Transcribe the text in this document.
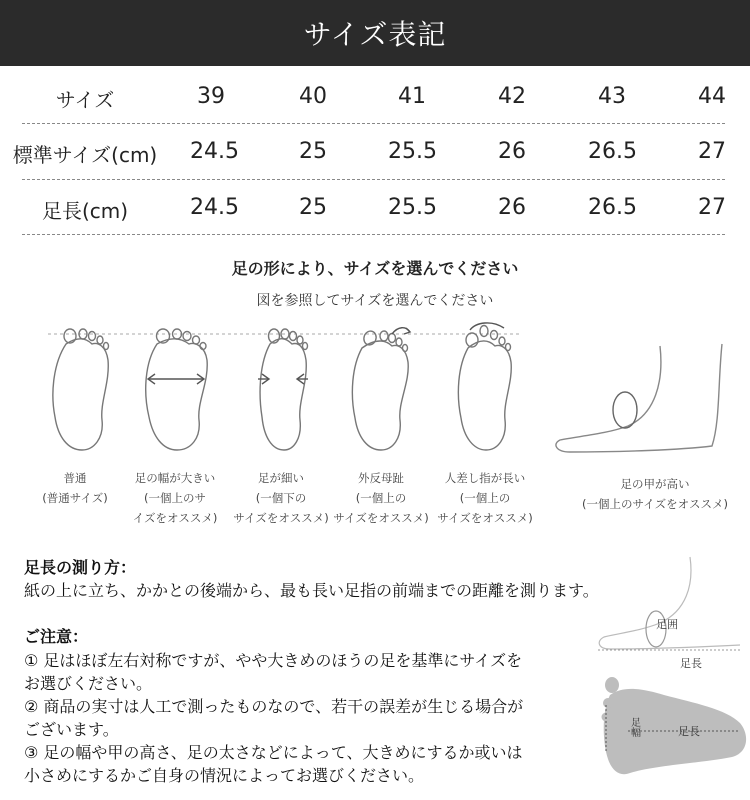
サイズ表記
サイズ	39	40	41	42	43	44
標準サイズ(cm)	24.5	25	25.5	26	26.5	27
足長(cm)	24.5	25	25.5	26	26.5	27
足の形により、サイズを選んでください
図を参照してサイズを選んでください
普通
(普通サイズ)
足の幅が大きい
(一個上のサ
イズをオススメ)
足が細い
(一個下の
サイズをオススメ)
外反母趾
(一個上の
サイズをオススメ)
人差し指が長い
(一個上の
サイズをオススメ)
足の甲が高い
(一個上のサイズをオススメ)
足長の測り方：
紙の上に立ち、かかとの後端から、最も長い足指の前端までの距離を測ります。
ご注意：
① 足はほぼ左右対称ですが、やや大きめのほうの足を基準にサイズを
お選びください。
② 商品の実寸は人工で測ったものなので、若干の誤差が生じる場合が
ございます。
③ 足の幅や甲の高さ、足の太さなどによって、大きめにするか或いは
小さめにするかご自身の情況によってお選びください。
足囲
足長
足幅	足長
